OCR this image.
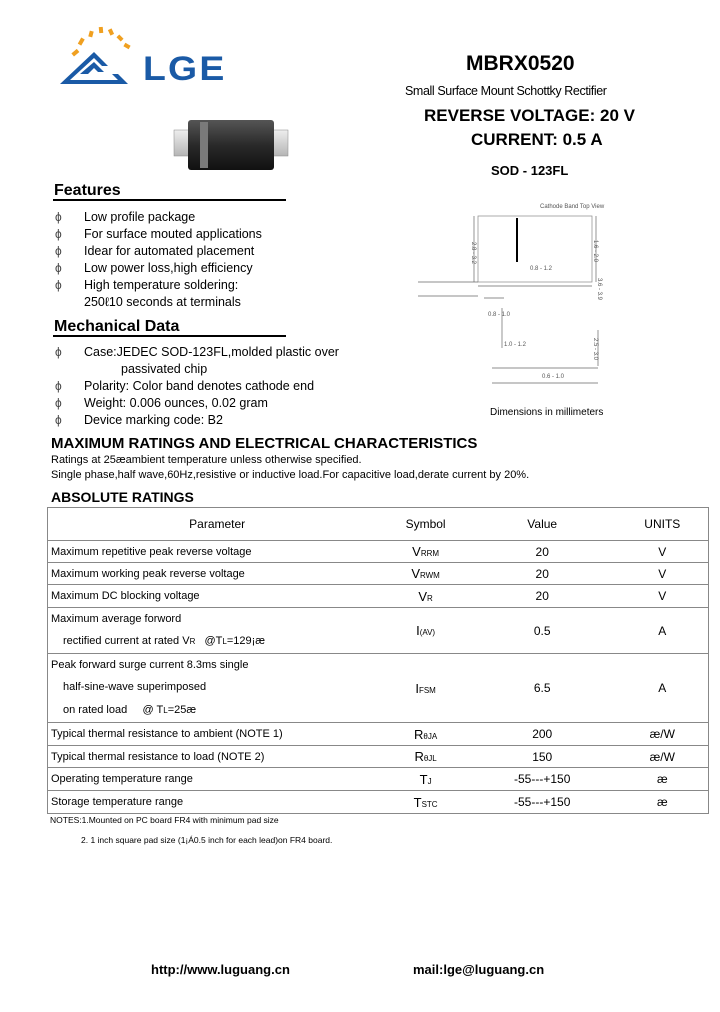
LGE	MBRX0520
Small Surface Mount Schottky Rectifier
REVERSE VOLTAGE: 20 V
CURRENT: 0.5 A
SOD - 123FL
Features
ϕ Low profile package
ϕ For surface mouted applications
ϕ Idear for automated placement
ϕ Low power loss,high efficiency
ϕ High temperature soldering:
250ℓ10 seconds at terminals
Mechanical Data
ϕ Case:JEDEC SOD-123FL,molded plastic over
passivated chip
ϕ Polarity: Color band denotes cathode end
ϕ Weight: 0.006 ounces, 0.02 gram
ϕ Device marking code: B2
Cathode Band Top View
2.8 - 3.2	1.6 - 2.0
0.8 - 1.2
3.6 - 3.9
0.8 - 1.0
1.0 - 1.2
0.6 - 1.0
2.5 - 3.0
Dimensions in millimeters
MAXIMUM RATINGS AND ELECTRICAL CHARACTERISTICS
Ratings at 25æambient temperature unless otherwise specified.
Single phase,half wave,60Hz,resistive or inductive load.For capacitive load,derate current by 20%.
ABSOLUTE RATINGS
Parameter	Symbol	Value	UNITS
Maximum repetitive peak reverse voltage	VRRM	20	V
Maximum working peak reverse voltage	VRWM	20	V
Maximum DC blocking voltage	VR	20	V

Maximum average forword
rectified current at rated VR   @TL=129¡æ	I(AV)	0.5	A

Peak forward surge current 8.3ms single
half-sine-wave superimposed
on rated load     @ TL=25æ	IFSM	6.5	A
Typical thermal resistance to ambient (NOTE 1)	RθJA	200	æ/W
Typical thermal resistance to load (NOTE 2)	RθJL	150	æ/W
Operating temperature range	TJ	-55---+150	æ
Storage temperature range	TSTC	-55---+150	æ
NOTES:1.Mounted on PC board FR4 with minimum pad size
2. 1 inch square pad size (1¡Á0.5 inch for each lead)on FR4 board.
http://www.luguang.cn	mail:lge@luguang.cn
